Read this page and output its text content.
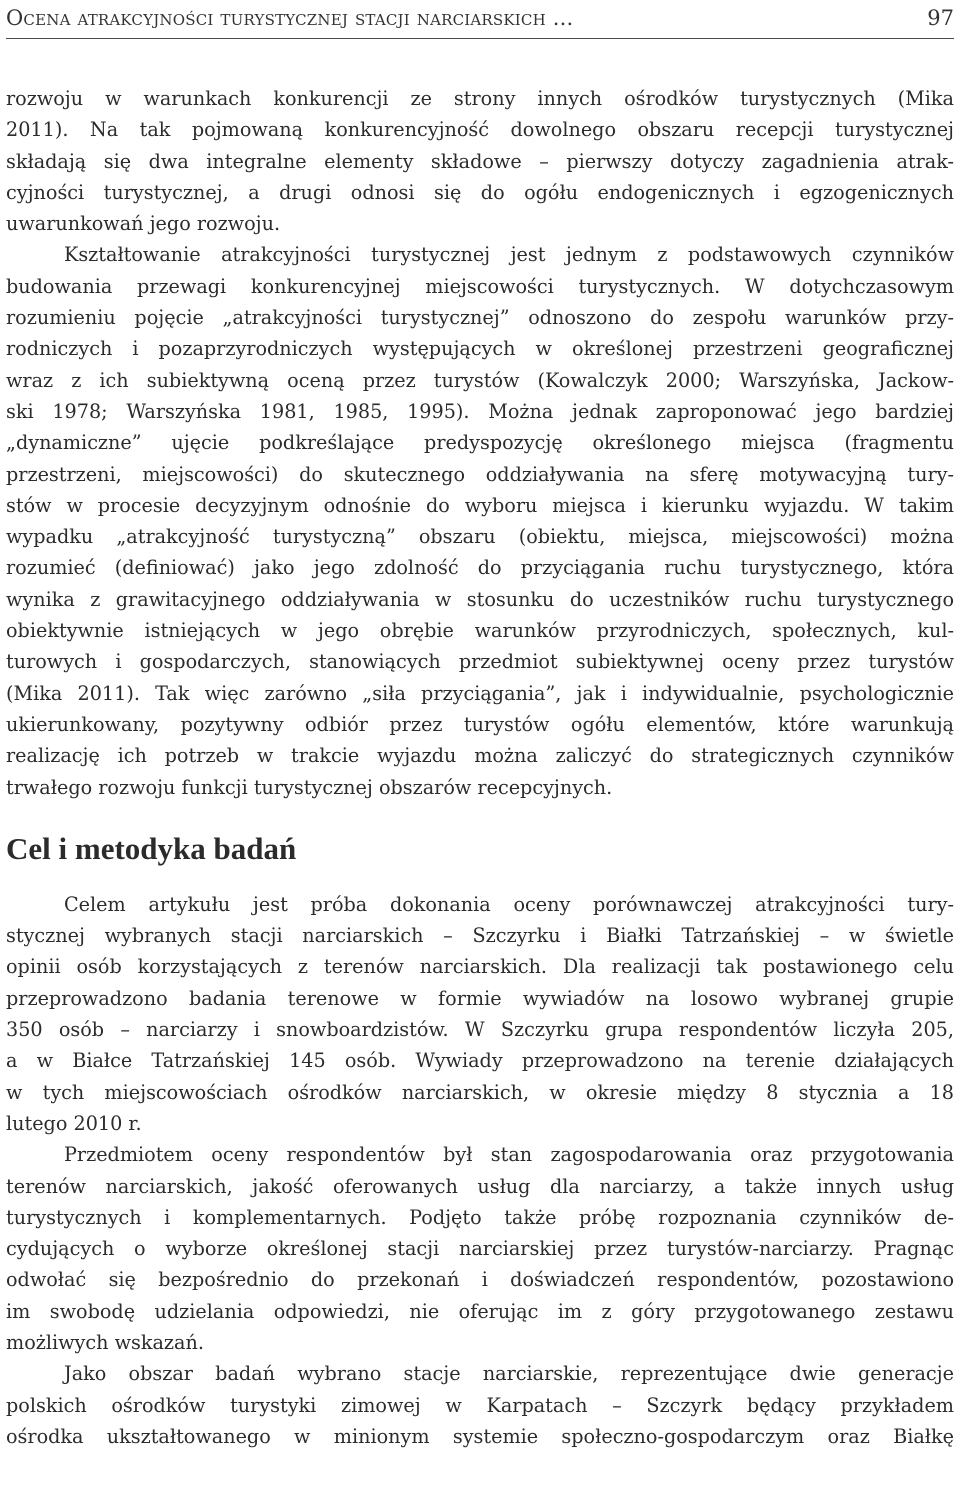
Ocena atrakcyjności turystycznej stacji narciarskich ...	97

rozwoju w warunkach konkurencji ze strony innych ośrodków turystycznych (Mika
2011). Na tak pojmowaną konkurencyjność dowolnego obszaru recepcji turystycznej
składają się dwa integralne elementy składowe – pierwszy dotyczy zagadnienia atrak-
cyjności turystycznej, a drugi odnosi się do ogółu endogenicznych i egzogenicznych
uwarunkowań jego rozwoju.

Kształtowanie atrakcyjności turystycznej jest jednym z podstawowych czynników
budowania przewagi konkurencyjnej miejscowości turystycznych. W dotychczasowym
rozumieniu pojęcie „atrakcyjności turystycznej” odnoszono do zespołu warunków przy-
rodniczych i pozaprzyrodniczych występujących w określonej przestrzeni geograficznej
wraz z ich subiektywną oceną przez turystów (Kowalczyk 2000; Warszyńska, Jackow-
ski 1978; Warszyńska 1981, 1985, 1995). Można jednak zaproponować jego bardziej
„dynamiczne” ujęcie podkreślające predyspozycję określonego miejsca (fragmentu
przestrzeni, miejscowości) do skutecznego oddziaływania na sferę motywacyjną tury-
stów w procesie decyzyjnym odnośnie do wyboru miejsca i kierunku wyjazdu. W takim
wypadku „atrakcyjność turystyczną” obszaru (obiektu, miejsca, miejscowości) można
rozumieć (definiować) jako jego zdolność do przyciągania ruchu turystycznego, która
wynika z grawitacyjnego oddziaływania w stosunku do uczestników ruchu turystycznego
obiektywnie istniejących w jego obrębie warunków przyrodniczych, społecznych, kul-
turowych i gospodarczych, stanowiących przedmiot subiektywnej oceny przez turystów
(Mika 2011). Tak więc zarówno „siła przyciągania”, jak i indywidualnie, psychologicznie
ukierunkowany, pozytywny odbiór przez turystów ogółu elementów, które warunkują
realizację ich potrzeb w trakcie wyjazdu można zaliczyć do strategicznych czynników
trwałego rozwoju funkcji turystycznej obszarów recepcyjnych.

Cel i metodyka badań

Celem artykułu jest próba dokonania oceny porównawczej atrakcyjności tury-
stycznej wybranych stacji narciarskich – Szczyrku i Białki Tatrzańskiej – w świetle
opinii osób korzystających z terenów narciarskich. Dla realizacji tak postawionego celu
przeprowadzono badania terenowe w formie wywiadów na losowo wybranej grupie
350 osób – narciarzy i snowboardzistów. W Szczyrku grupa respondentów liczyła 205,
a w Białce Tatrzańskiej 145 osób. Wywiady przeprowadzono na terenie działających
w tych miejscowościach ośrodków narciarskich, w okresie między 8 stycznia a 18
lutego 2010 r.

Przedmiotem oceny respondentów był stan zagospodarowania oraz przygotowania
terenów narciarskich, jakość oferowanych usług dla narciarzy, a także innych usług
turystycznych i komplementarnych. Podjęto także próbę rozpoznania czynników de-
cydujących o wyborze określonej stacji narciarskiej przez turystów-narciarzy. Pragnąc
odwołać się bezpośrednio do przekonań i doświadczeń respondentów, pozostawiono
im swobodę udzielania odpowiedzi, nie oferując im z góry przygotowanego zestawu
możliwych wskazań.

Jako obszar badań wybrano stacje narciarskie, reprezentujące dwie generacje
polskich ośrodków turystyki zimowej w Karpatach – Szczyrk będący przykładem
ośrodka ukształtowanego w minionym systemie społeczno-gospodarczym oraz Białkę
